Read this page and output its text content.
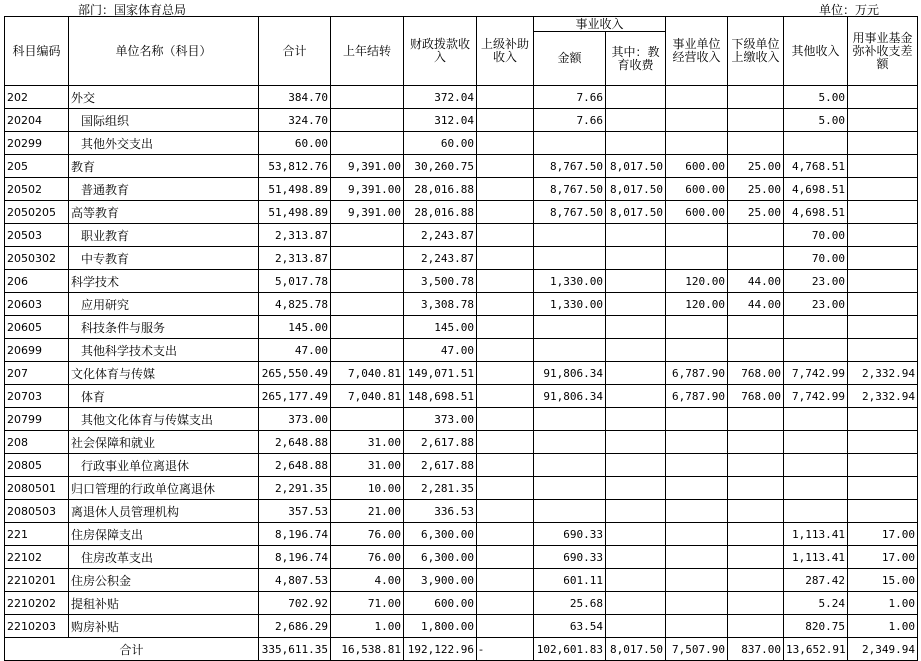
部门：国家体育总局	单位：万元
科目编码	单位名称（科目）	合计	上年结转	财政拨款收入	上级补助收入	事业收入		事业单位经营收入	下级单位上缴收入	其他收入	用事业基金弥补收支差额
						金额	其中：教育收费				
202	外交	384.70		372.04		7.66				5.00	
20204	国际组织	324.70		312.04		7.66				5.00	
20299	其他外交支出	60.00		60.00							
205	教育	53,812.76	9,391.00	30,260.75		8,767.50	8,017.50	600.00	25.00	4,768.51	
20502	普通教育	51,498.89	9,391.00	28,016.88		8,767.50	8,017.50	600.00	25.00	4,698.51	
2050205	高等教育	51,498.89	9,391.00	28,016.88		8,767.50	8,017.50	600.00	25.00	4,698.51	
20503	职业教育	2,313.87		2,243.87						70.00	
2050302	中专教育	2,313.87		2,243.87						70.00	
206	科学技术	5,017.78		3,500.78		1,330.00		120.00	44.00	23.00	
20603	应用研究	4,825.78		3,308.78		1,330.00		120.00	44.00	23.00	
20605	科技条件与服务	145.00		145.00							
20699	其他科学技术支出	47.00		47.00							
207	文化体育与传媒	265,550.49	7,040.81	149,071.51		91,806.34		6,787.90	768.00	7,742.99	2,332.94
20703	体育	265,177.49	7,040.81	148,698.51		91,806.34		6,787.90	768.00	7,742.99	2,332.94
20799	其他文化体育与传媒支出	373.00		373.00							
208	社会保障和就业	2,648.88	31.00	2,617.88							
20805	行政事业单位离退休	2,648.88	31.00	2,617.88							
2080501	归口管理的行政单位离退休	2,291.35	10.00	2,281.35							
2080503	离退休人员管理机构	357.53	21.00	336.53							
221	住房保障支出	8,196.74	76.00	6,300.00		690.33				1,113.41	17.00
22102	住房改革支出	8,196.74	76.00	6,300.00		690.33				1,113.41	17.00
2210201	住房公积金	4,807.53	4.00	3,900.00		601.11				287.42	15.00
2210202	提租补贴	702.92	71.00	600.00		25.68				5.24	1.00
2210203	购房补贴	2,686.29	1.00	1,800.00		63.54				820.75	1.00
合计		335,611.35	16,538.81	192,122.96	-	102,601.83	8,017.50	7,507.90	837.00	13,652.91	2,349.94
